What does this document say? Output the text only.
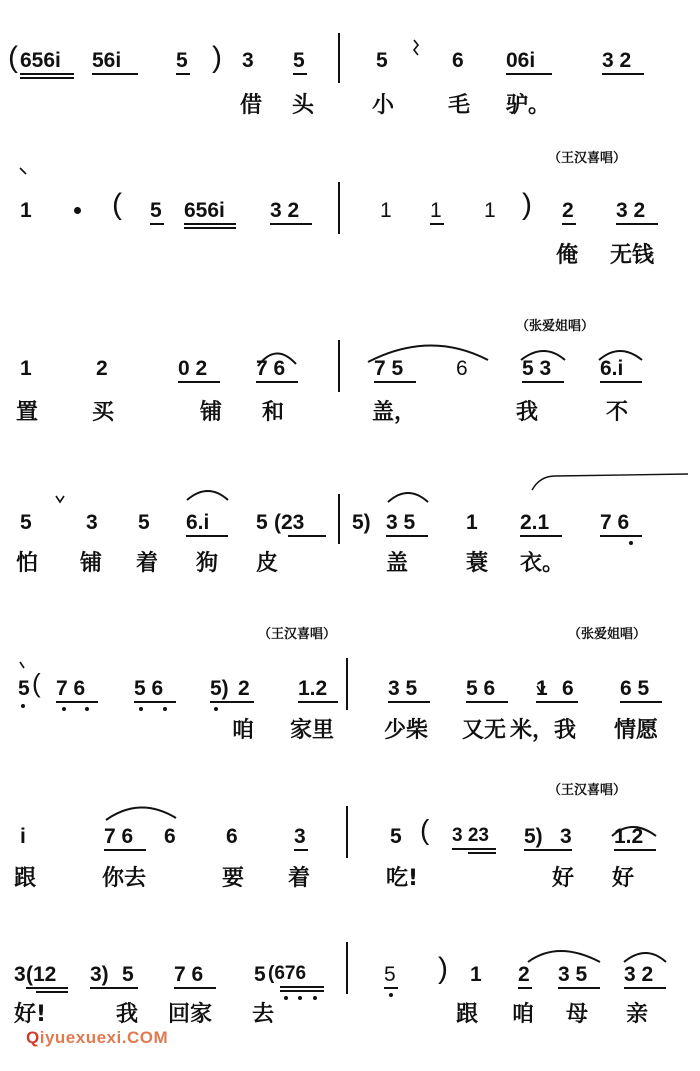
( 656i 56i	5 ) 3 5	5	6 06i	3 2
借 头	小 毛 驴。
（王汉喜唱）
1	( 5 656i 3 2	1 1 1 ) 2 3 2
俺 无钱
（张爱姐唱）
1	2	0 2 7 6	7 5	6	5 3 6.i
置 买	铺 和	盖，	我	不
5	3 5 6.i 5 (23 5) 3 5 1 2.1 7 6
怕 铺 着 狗 皮	盖	蓑 衣。
（王汉喜唱）	（张爱姐唱）
5 ( 7 6 5 6 5) 2 1.2	3 5 5 6 1 6 6 5
咱 家里 少柴 又无 米，我 情愿
（王汉喜唱）
i	7 6 6 6	3	5 ( 3 23 5) 3 1.2
跟	你去	要 着	吃!	好 好
3 (12 3) 5 7 6 5 (676	5 ) 1 2 3 5 3 2
好!	我 回家 去	跟 咱 母 亲
Qiyuexuexi.COM
